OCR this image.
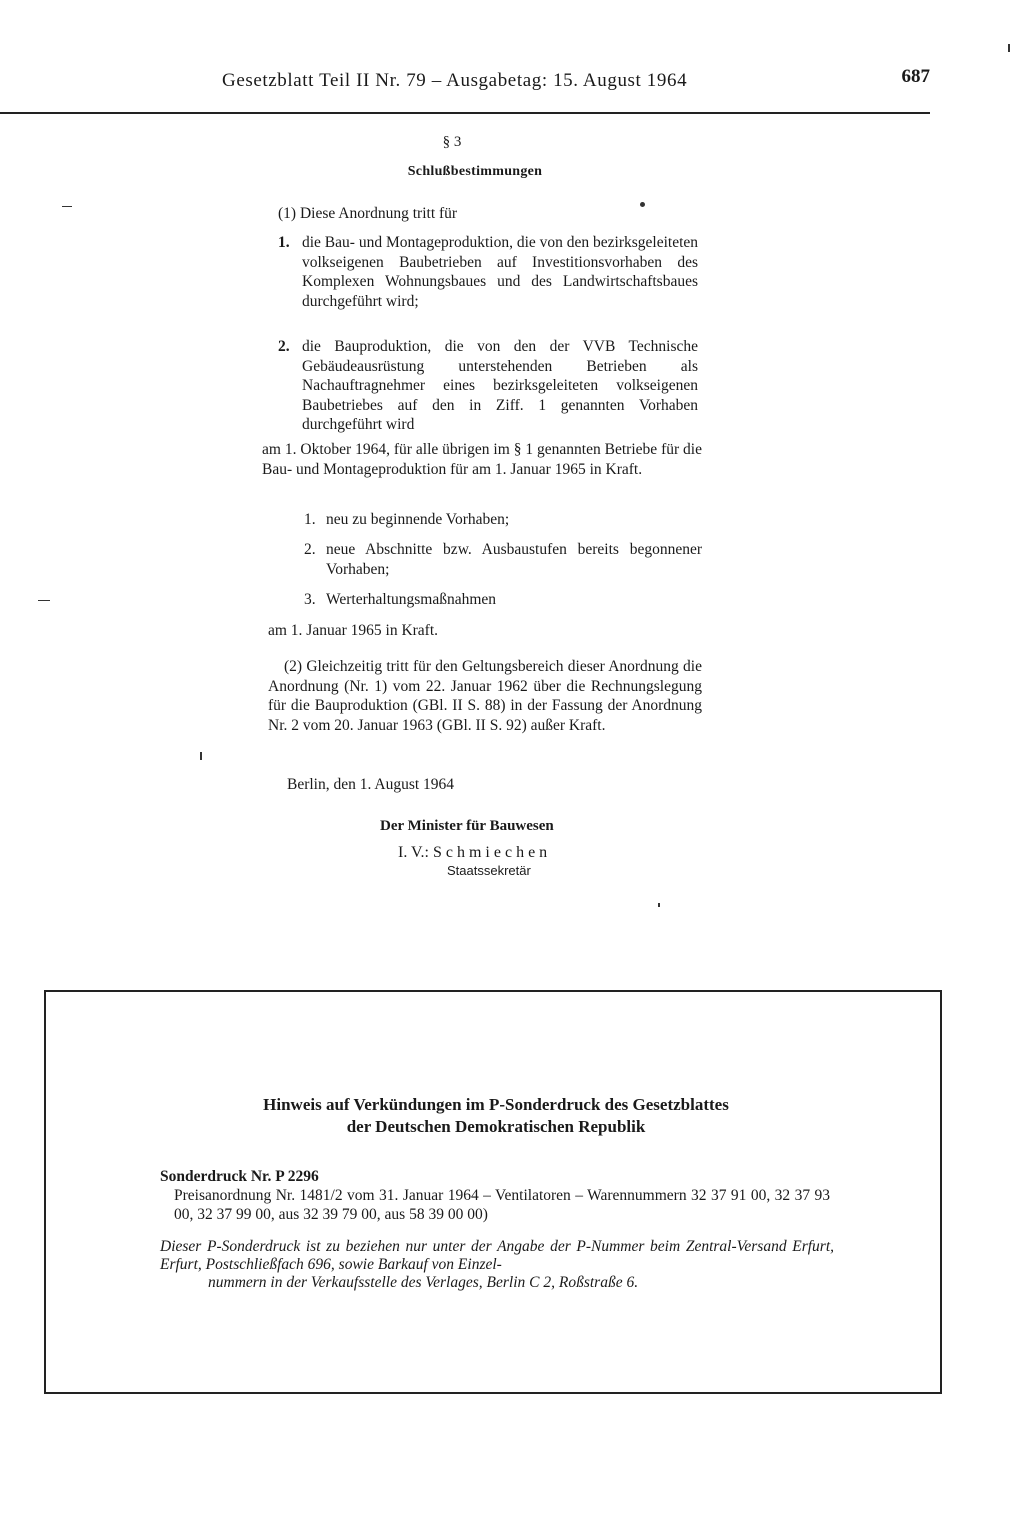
Gesetzblatt Teil II Nr. 79 – Ausgabetag: 15. August 1964	687
§ 3
Schlußbestimmungen
(1) Diese Anordnung tritt für
1. die Bau- und Montageproduktion, die von den bezirksgeleiteten volkseigenen Baubetrieben auf Investitionsvorhaben des Komplexen Wohnungsbaues und des Landwirtschaftsbaues durchgeführt wird;
2. die Bauproduktion, die von den der VVB Technische Gebäudeausrüstung unterstehenden Betrieben als Nachauftragnehmer eines bezirksgeleiteten volkseigenen Baubetriebes auf den in Ziff. 1 genannten Vorhaben durchgeführt wird
am 1. Oktober 1964, für alle übrigen im § 1 genannten Betriebe für die Bau- und Montageproduktion für am 1. Januar 1965 in Kraft.
1. neu zu beginnende Vorhaben;
2. neue Abschnitte bzw. Ausbaustufen bereits begonnener Vorhaben;
3. Werterhaltungsmaßnahmen
am 1. Januar 1965 in Kraft.
(2) Gleichzeitig tritt für den Geltungsbereich dieser Anordnung die Anordnung (Nr. 1) vom 22. Januar 1962 über die Rechnungslegung für die Bauproduktion (GBl. II S. 88) in der Fassung der Anordnung Nr. 2 vom 20. Januar 1963 (GBl. II S. 92) außer Kraft.
Berlin, den 1. August 1964
Der Minister für Bauwesen
I. V.: Schmiechen
Staatssekretär
Hinweis auf Verkündungen im P-Sonderdruck des Gesetzblattes
der Deutschen Demokratischen Republik
Sonderdruck Nr. P 2296
Preisanordnung Nr. 1481/2 vom 31. Januar 1964 – Ventilatoren – Warennummern 32 37 91 00, 32 37 93 00, 32 37 99 00, aus 32 39 79 00, aus 58 39 00 00)
Dieser P-Sonderdruck ist zu beziehen nur unter der Angabe der P-Nummer beim Zentral-Versand Erfurt, Erfurt, Postschließfach 696, sowie Barkauf von Einzel-
nummern in der Verkaufsstelle des Verlages, Berlin C 2, Roßstraße 6.
